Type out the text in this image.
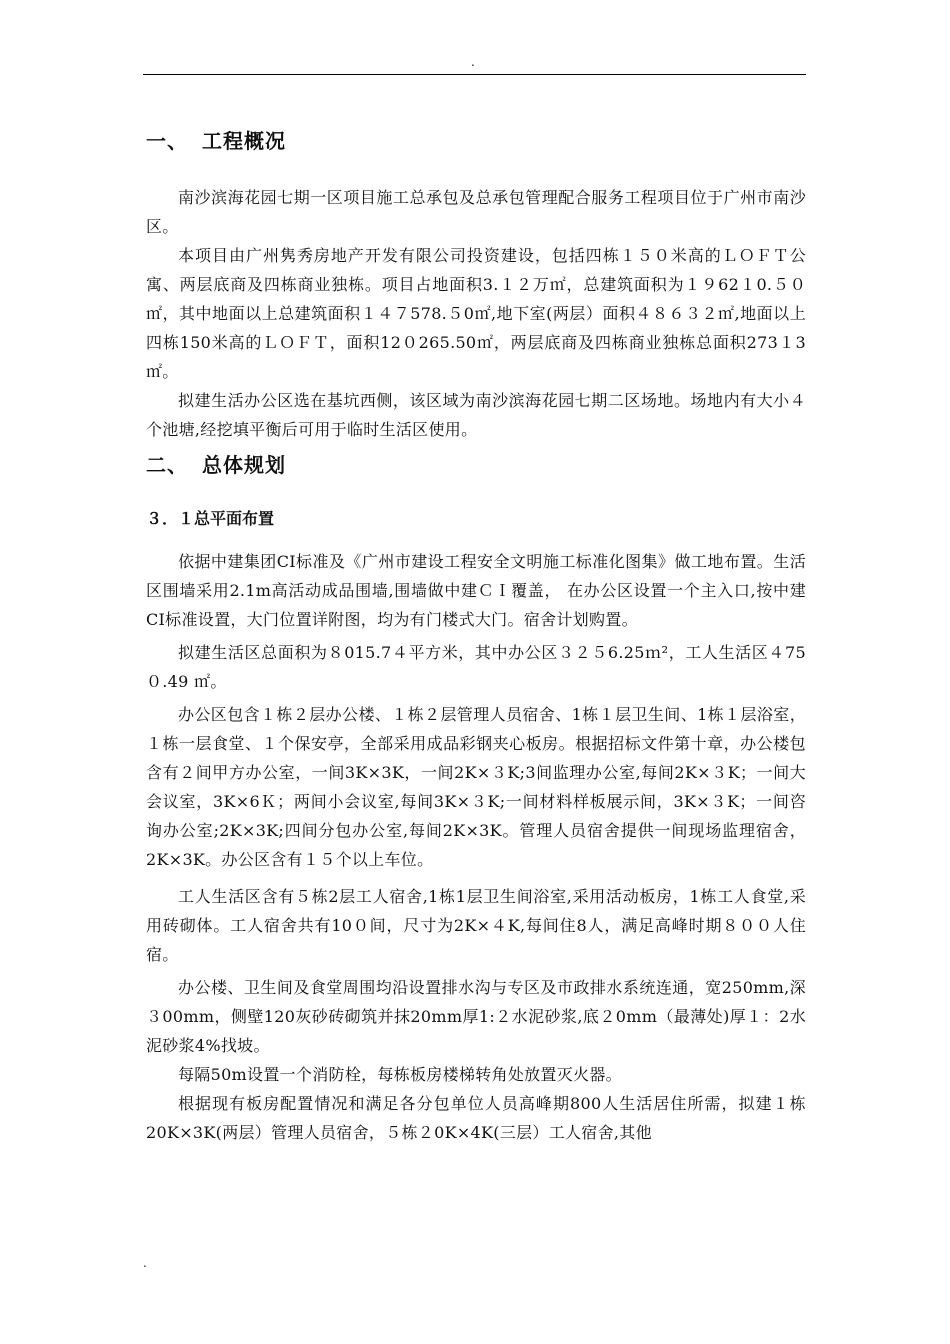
.
一、 工程概况

南沙滨海花园七期一区项目施工总承包及总承包管理配合服务工程项目位于广州市南沙区。

本项目由广州隽秀房地产开发有限公司投资建设，包括四栋１５０米高的ＬＯＦＴ公寓、两层底商及四栋商业独栋。项目占地面积3.１２万㎡，总建筑面积为１９62１0.５０㎡，其中地面以上总建筑面积１４７578.５0㎡,地下室(两层）面积４８６３２㎡,地面以上四栋150米高的ＬＯＦＴ，面积12０265.50㎡，两层底商及四栋商业独栋总面积273１3㎡。

拟建生活办公区选在基坑西侧，该区域为南沙滨海花园七期二区场地。场地内有大小４个池塘,经挖填平衡后可用于临时生活区使用。

二、 总体规划
３．１总平面布置

依据中建集团CI标准及《广州市建设工程安全文明施工标准化图集》做工地布置。生活区围墙采用2.1m高活动成品围墙,围墙做中建ＣＩ覆盖， 在办公区设置一个主入口,按中建CI标准设置，大门位置详附图，均为有门楼式大门。宿舍计划购置。

拟建生活区总面积为８015.7４平方米，其中办公区３２５6.25ｍ²，工人生活区４75０.49 ㎡。

办公区包含１栋２层办公楼、１栋２层管理人员宿舍、1栋１层卫生间、1栋１层浴室， １栋一层食堂、１个保安亭，全部采用成品彩钢夹心板房。根据招标文件第十章，办公楼包含有２间甲方办公室，一间3K×3K，一间2K×３K;3间监理办公室,每间2K×３K；一间大会议室，3K×6Ｋ；两间小会议室,每间3K×３K;一间材料样板展示间，3K×３K；一间咨询办公室;2K×3K;四间分包办公室,每间2K×3K。管理人员宿舍提供一间现场监理宿舍，2K×3K。办公区含有１５个以上车位。

工人生活区含有５栋2层工人宿舍,1栋1层卫生间浴室,采用活动板房，1栋工人食堂,采用砖砌体。工人宿舍共有10０间，尺寸为2K×４K,每间住8人，满足高峰时期８００人住宿。

办公楼、卫生间及食堂周围均沿设置排水沟与专区及市政排水系统连通，宽250mm,深３00mm，侧壁120灰砂砖砌筑并抹20mm厚1:２水泥砂浆,底２0mm（最薄处)厚１：2水泥砂浆4%找坡。

每隔50m设置一个消防栓，每栋板房楼梯转角处放置灭火器。

根据现有板房配置情况和满足各分包单位人员高峰期800人生活居住所需，拟建１栋20K×3K(两层）管理人员宿舍，５栋２0K×4K(三层）工人宿舍,其他

.
